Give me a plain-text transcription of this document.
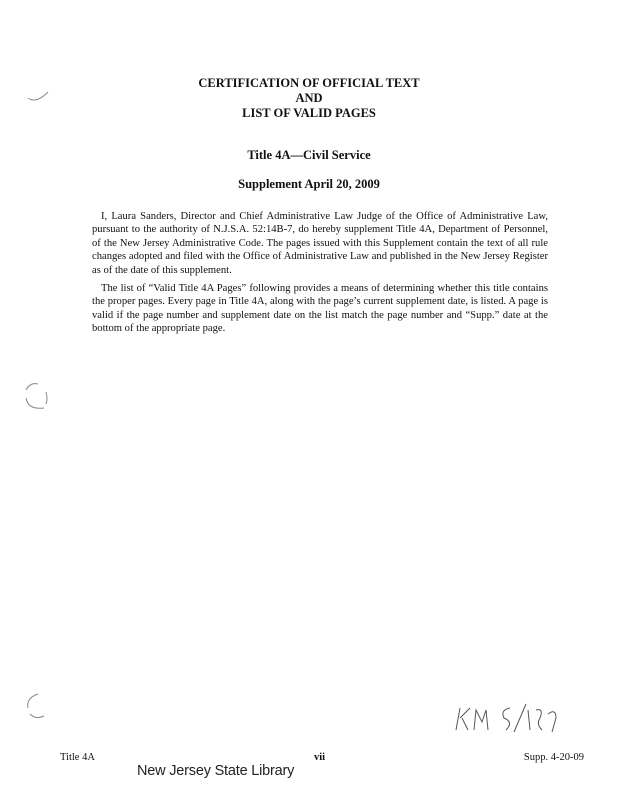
CERTIFICATION OF OFFICIAL TEXT
AND
LIST OF VALID PAGES
Title 4A—Civil Service
Supplement April 20, 2009

I, Laura Sanders, Director and Chief Administrative Law Judge of the Office of Administrative Law, pursuant to the authority of N.J.S.A. 52:14B-7, do hereby supplement Title 4A, Department of Personnel, of the New Jersey Administrative Code. The pages issued with this Supplement contain the text of all rule changes adopted and filed with the Office of Administrative Law and published in the New Jersey Register as of the date of this supplement.

The list of “Valid Title 4A Pages” following provides a means of determining whether this title contains the proper pages. Every page in Title 4A, along with the page’s current supplement date, is listed. A page is valid if the page number and supplement date on the list match the page number and “Supp.” date at the bottom of the appropriate page.

Title 4A	vii	Supp. 4-20-09
New Jersey State Library
